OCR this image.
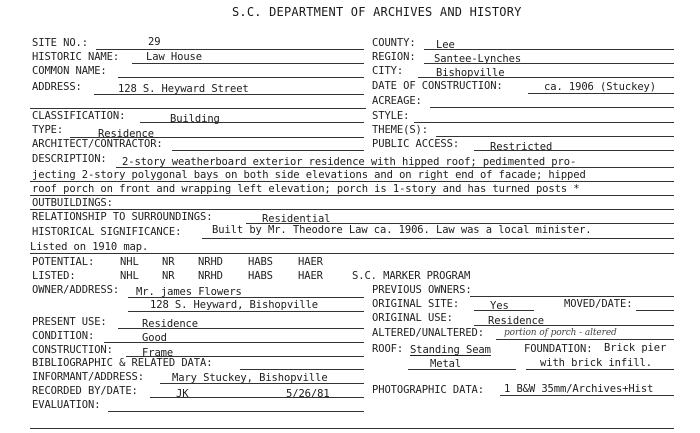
S.C. DEPARTMENT OF ARCHIVES AND HISTORY
SITE NO.:	29	COUNTY: Lee
HISTORIC NAME:	Law House	REGION: Santee-Lynches
COMMON NAME:	CITY:	Bishopville
ADDRESS:	128 S. Heyward Street	DATE OF CONSTRUCTION:	ca. 1906 (Stuckey)
ACREAGE:
CLASSIFICATION:	Building	STYLE:
TYPE:	Residence	THEME(S):
ARCHITECT/CONTRACTOR:	PUBLIC ACCESS:	Restricted
DESCRIPTION: 2-story weatherboard exterior residence with hipped roof; pedimented pro-
jecting 2-story polygonal bays on both side elevations and on right end of facade; hipped
roof porch on front and wrapping left elevation; porch is 1-story and has turned posts *
OUTBUILDINGS:
RELATIONSHIP TO SURROUNDINGS:	Residential
HISTORICAL SIGNIFICANCE:	Built by Mr. Theodore Law ca. 1906. Law was a local minister.
Listed on 1910 map.
POTENTIAL: NHL NR NRHD HABS HAER
LISTED:	NHL NR NRHD HABS HAER	S.C. MARKER PROGRAM
OWNER/ADDRESS: Mr. james Flowers
128 S. Heyward, Bishopville
PREVIOUS OWNERS:
ORIGINAL SITE:	Yes	MOVED/DATE:
PRESENT USE:	Residence	ORIGINAL USE:	Residence
CONDITION:	Good	ALTERED/UNALTERED: portion of porch - altered
CONSTRUCTION:	Frame	ROOF: Standing Seam
Metal
FOUNDATION: Brick pier
with brick infill.
BIBLIOGRAPHIC & RELATED DATA:
INFORMANT/ADDRESS:	Mary Stuckey, Bishopville
RECORDED BY/DATE:	JK	5/26/81	PHOTOGRAPHIC DATA: 1 B&W 35mm/Archives+Hist
EVALUATION:
